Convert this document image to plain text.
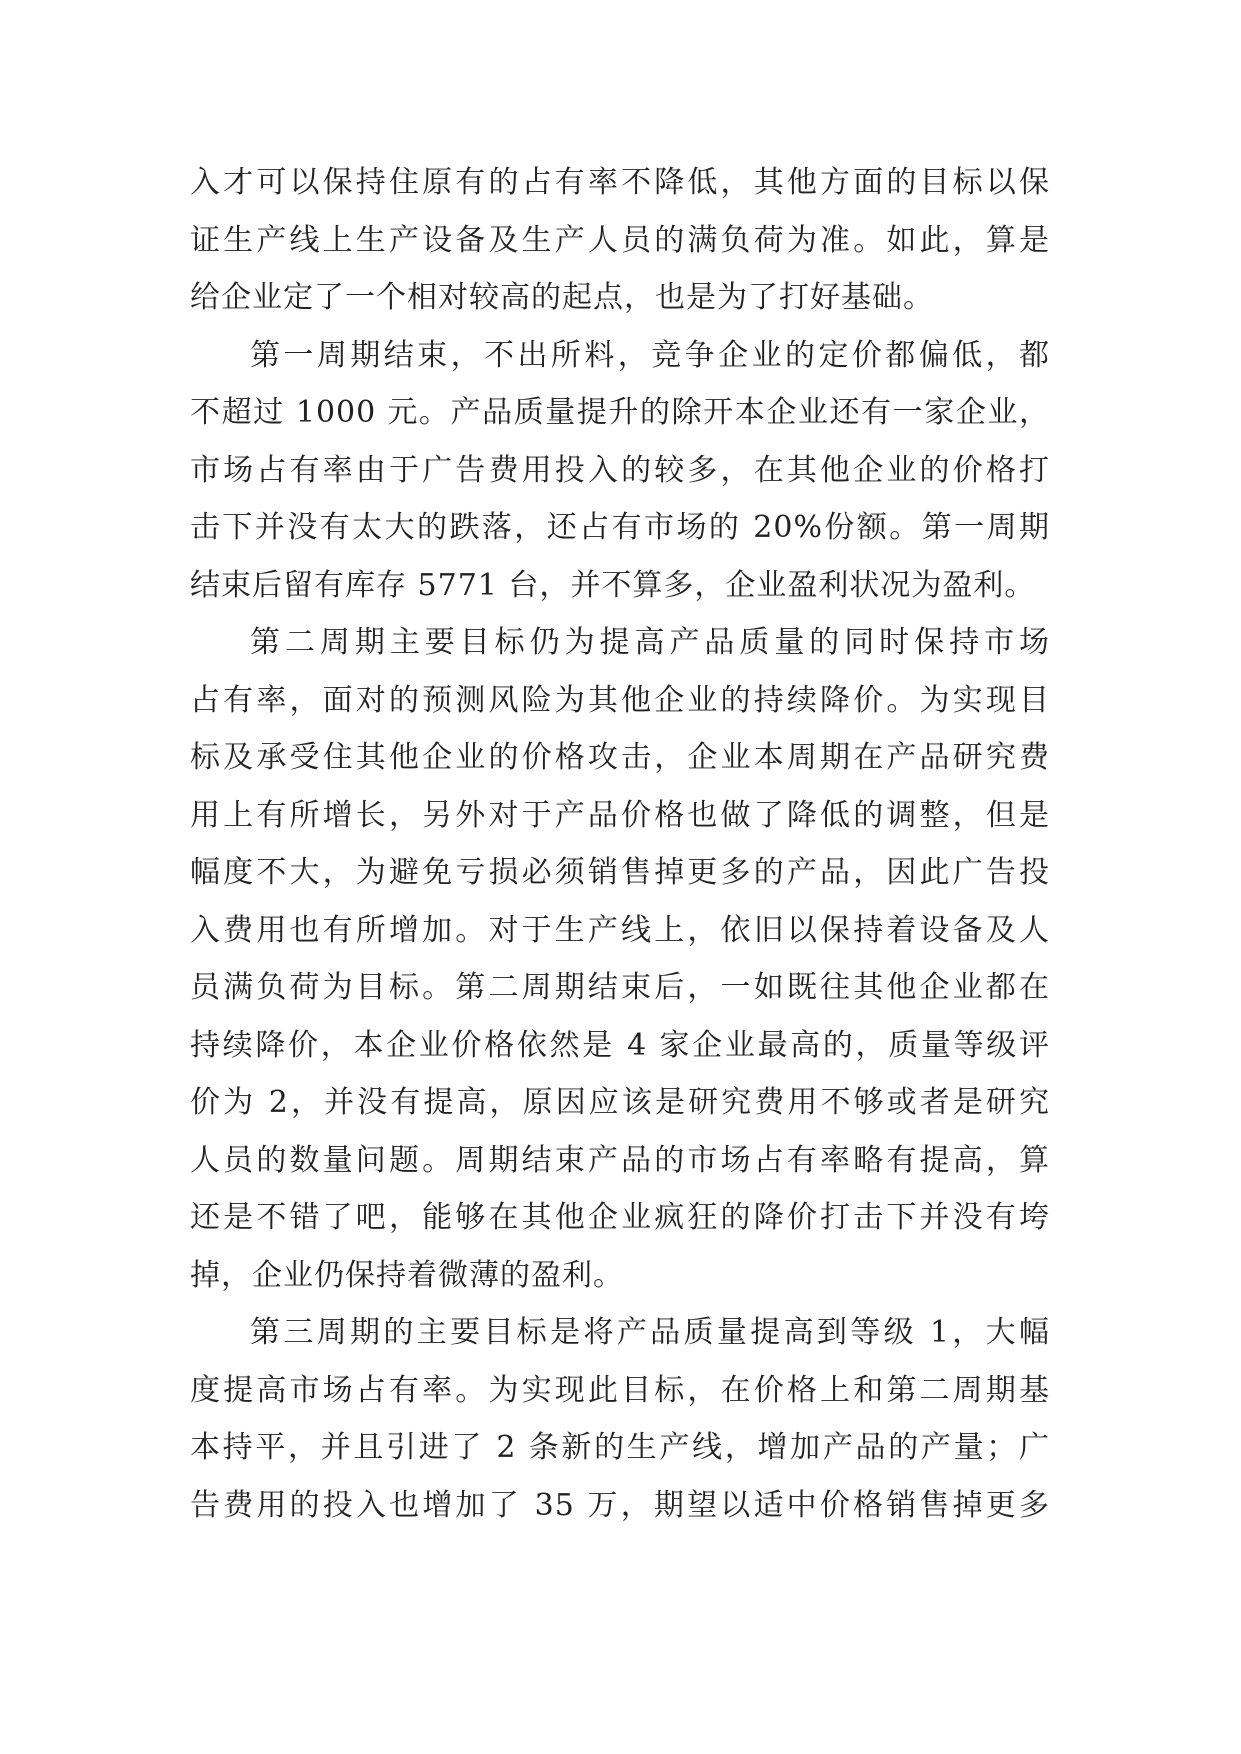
入才可以保持住原有的占有率不降低，其他方面的目标以保
证生产线上生产设备及生产人员的满负荷为准。如此，算是
给企业定了一个相对较高的起点，也是为了打好基础。
第一周期结束，不出所料，竞争企业的定价都偏低，都
不超过 1000 元。产品质量提升的除开本企业还有一家企业，
市场占有率由于广告费用投入的较多，在其他企业的价格打
击下并没有太大的跌落，还占有市场的 20%份额。第一周期
结束后留有库存 5771 台，并不算多，企业盈利状况为盈利。
第二周期主要目标仍为提高产品质量的同时保持市场
占有率，面对的预测风险为其他企业的持续降价。为实现目
标及承受住其他企业的价格攻击，企业本周期在产品研究费
用上有所增长，另外对于产品价格也做了降低的调整，但是
幅度不大，为避免亏损必须销售掉更多的产品，因此广告投
入费用也有所增加。对于生产线上，依旧以保持着设备及人
员满负荷为目标。第二周期结束后，一如既往其他企业都在
持续降价，本企业价格依然是 4 家企业最高的，质量等级评
价为 2，并没有提高，原因应该是研究费用不够或者是研究
人员的数量问题。周期结束产品的市场占有率略有提高，算
还是不错了吧，能够在其他企业疯狂的降价打击下并没有垮
掉，企业仍保持着微薄的盈利。
第三周期的主要目标是将产品质量提高到等级 1，大幅
度提高市场占有率。为实现此目标，在价格上和第二周期基
本持平，并且引进了 2 条新的生产线，增加产品的产量；广
告费用的投入也增加了 35 万，期望以适中价格销售掉更多
